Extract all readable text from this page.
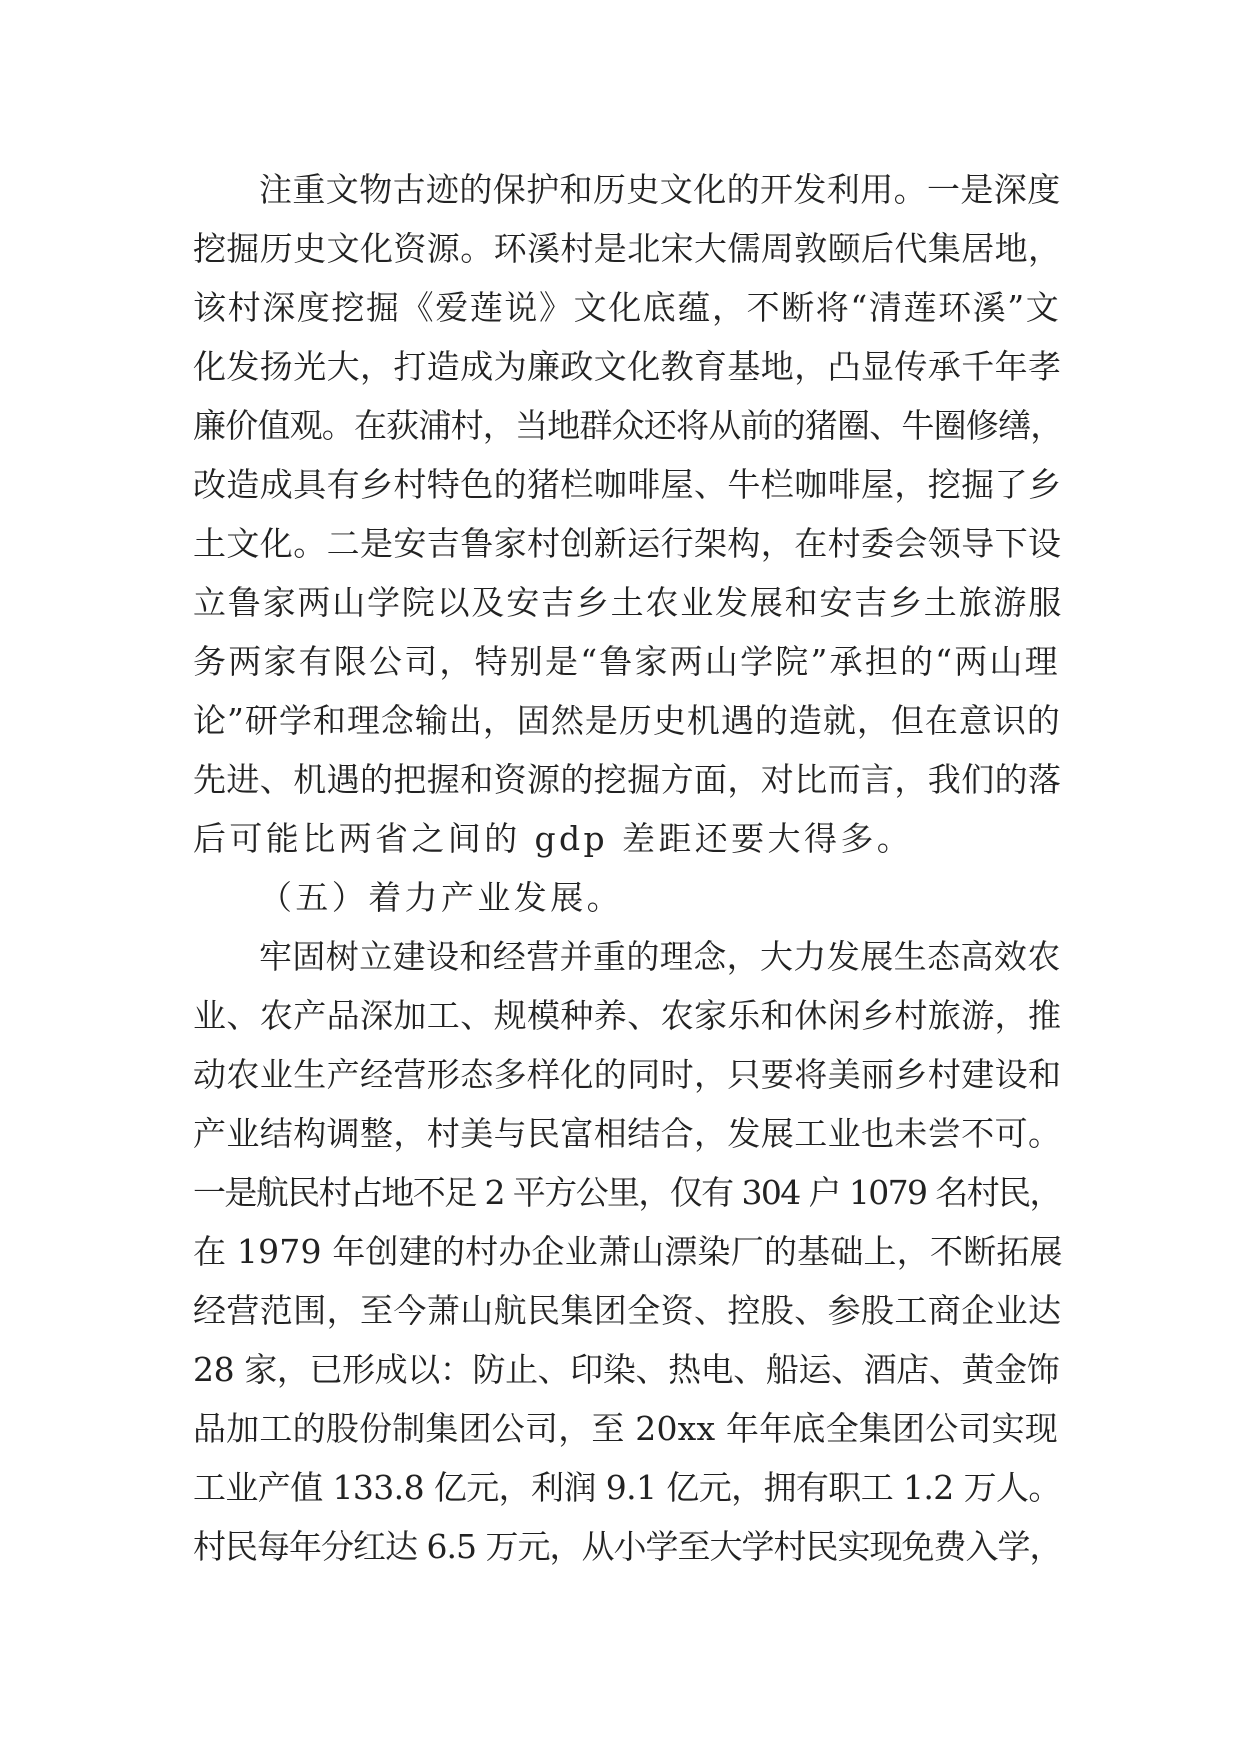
注重文物古迹的保护和历史文化的开发利用。一是深度
挖掘历史文化资源。环溪村是北宋大儒周敦颐后代集居地，
该村深度挖掘《爱莲说》文化底蕴，不断将“清莲环溪”文
化发扬光大，打造成为廉政文化教育基地，凸显传承千年孝
廉价值观。在荻浦村，当地群众还将从前的猪圈、牛圈修缮，
改造成具有乡村特色的猪栏咖啡屋、牛栏咖啡屋，挖掘了乡
土文化。二是安吉鲁家村创新运行架构，在村委会领导下设
立鲁家两山学院以及安吉乡土农业发展和安吉乡土旅游服
务两家有限公司，特别是“鲁家两山学院”承担的“两山理
论”研学和理念输出，固然是历史机遇的造就，但在意识的
先进、机遇的把握和资源的挖掘方面，对比而言，我们的落
后可能比两省之间的 gdp 差距还要大得多。
（五）着力产业发展。
牢固树立建设和经营并重的理念，大力发展生态高效农
业、农产品深加工、规模种养、农家乐和休闲乡村旅游，推
动农业生产经营形态多样化的同时，只要将美丽乡村建设和
产业结构调整，村美与民富相结合，发展工业也未尝不可。
一是航民村占地不足 2 平方公里，仅有 304 户 1079 名村民，
在 1979 年创建的村办企业萧山漂染厂的基础上，不断拓展
经营范围，至今萧山航民集团全资、控股、参股工商企业达
28 家，已形成以：防止、印染、热电、船运、酒店、黄金饰
品加工的股份制集团公司，至 20xx 年年底全集团公司实现
工业产值 133.8 亿元，利润 9.1 亿元，拥有职工 1.2 万人。
村民每年分红达 6.5 万元，从小学至大学村民实现免费入学，
